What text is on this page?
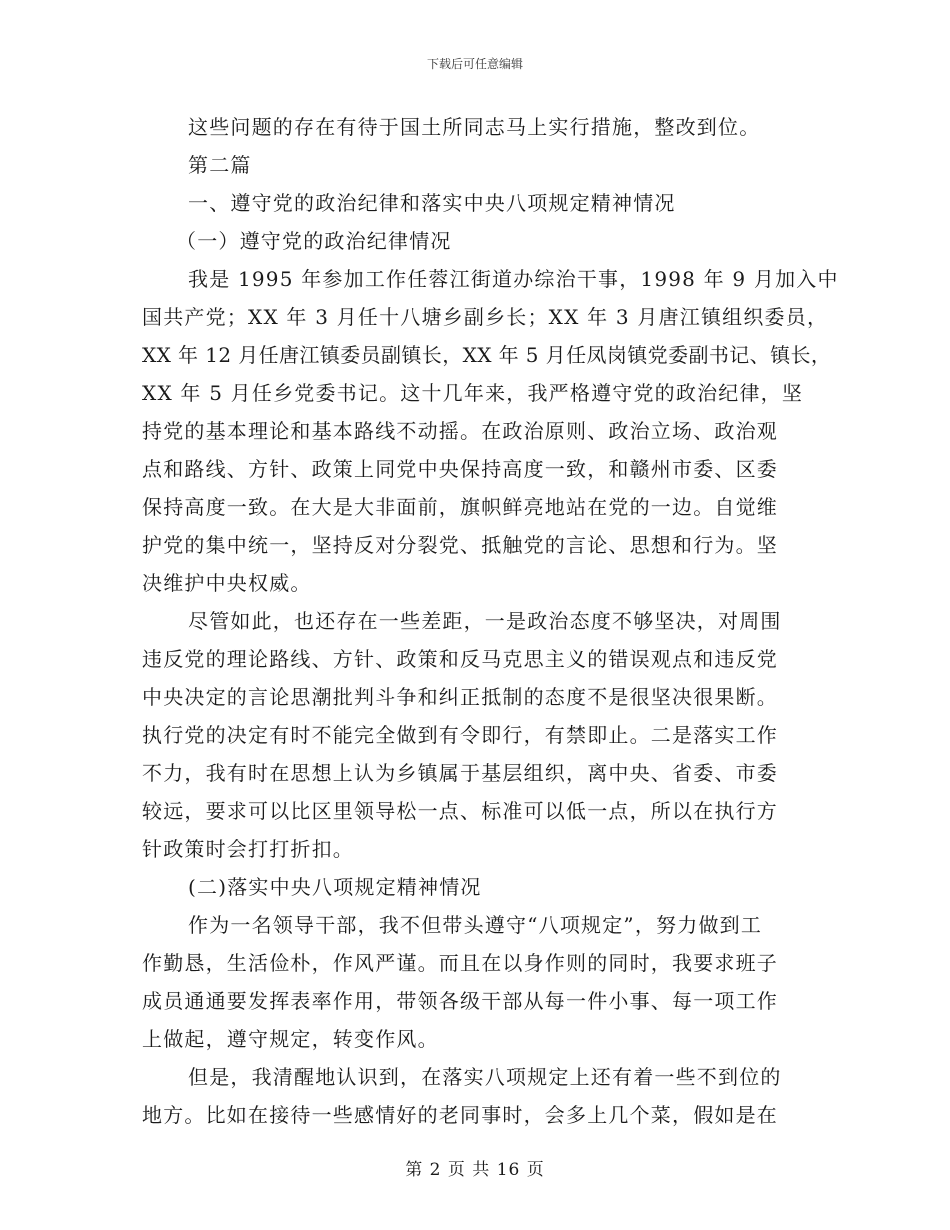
下载后可任意编辑
这些问题的存在有待于国土所同志马上实行措施，整改到位。
第二篇
一、遵守党的政治纪律和落实中央八项规定精神情况
（一）遵守党的政治纪律情况
我是 1995 年参加工作任蓉江街道办综治干事，1998 年 9 月加入中
国共产党；XX 年 3 月任十八塘乡副乡长；XX 年 3 月唐江镇组织委员，
XX 年 12 月任唐江镇委员副镇长，XX 年 5 月任凤岗镇党委副书记、镇长，
XX 年 5 月任乡党委书记。这十几年来，我严格遵守党的政治纪律，坚
持党的基本理论和基本路线不动摇。在政治原则、政治立场、政治观
点和路线、方针、政策上同党中央保持高度一致，和赣州市委、区委
保持高度一致。在大是大非面前，旗帜鲜亮地站在党的一边。自觉维
护党的集中统一，坚持反对分裂党、抵触党的言论、思想和行为。坚
决维护中央权威。
尽管如此，也还存在一些差距，一是政治态度不够坚决，对周围
违反党的理论路线、方针、政策和反马克思主义的错误观点和违反党
中央决定的言论思潮批判斗争和纠正抵制的态度不是很坚决很果断。
执行党的决定有时不能完全做到有令即行，有禁即止。二是落实工作
不力，我有时在思想上认为乡镇属于基层组织，离中央、省委、市委
较远，要求可以比区里领导松一点、标准可以低一点，所以在执行方
针政策时会打打折扣。
(二)落实中央八项规定精神情况
作为一名领导干部，我不但带头遵守“八项规定”，努力做到工
作勤恳，生活俭朴，作风严谨。而且在以身作则的同时，我要求班子
成员通通要发挥表率作用，带领各级干部从每一件小事、每一项工作
上做起，遵守规定，转变作风。
但是，我清醒地认识到，在落实八项规定上还有着一些不到位的
地方。比如在接待一些感情好的老同事时，会多上几个菜，假如是在
第 2 页 共 16 页
